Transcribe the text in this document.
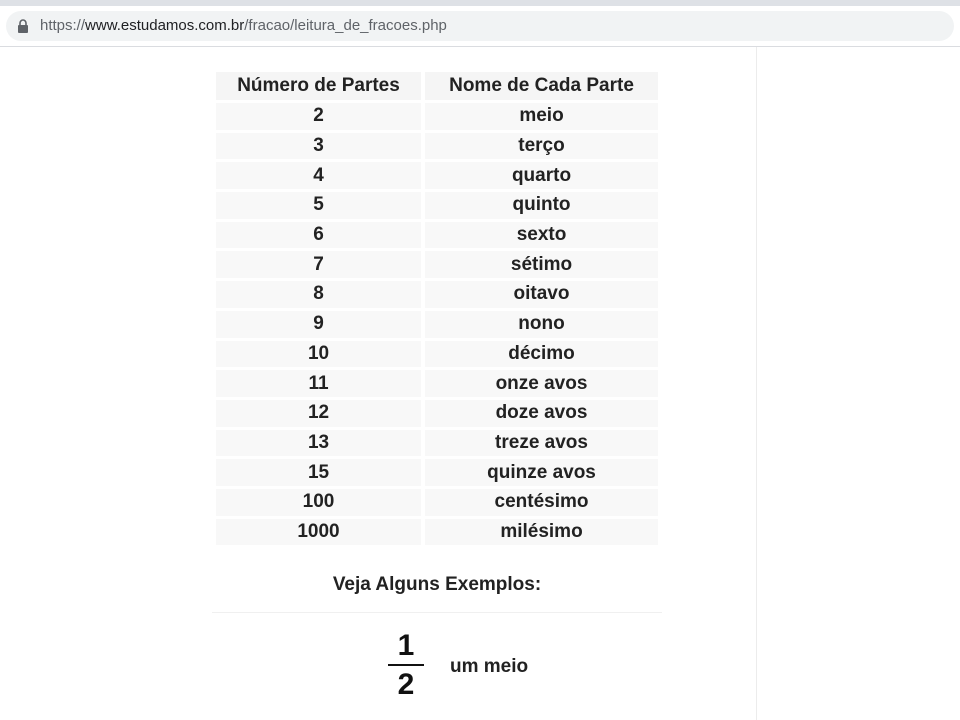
https://www.estudamos.com.br/fracao/leitura_de_fracoes.php
Número de Partes	Nome de Cada Parte
2	meio
3	terço
4	quarto
5	quinto
6	sexto
7	sétimo
8	oitavo
9	nono
10	décimo
11	onze avos
12	doze avos
13	treze avos
15	quinze avos
100	centésimo
1000	milésimo
Veja Alguns Exemplos:
1
2
um meio
